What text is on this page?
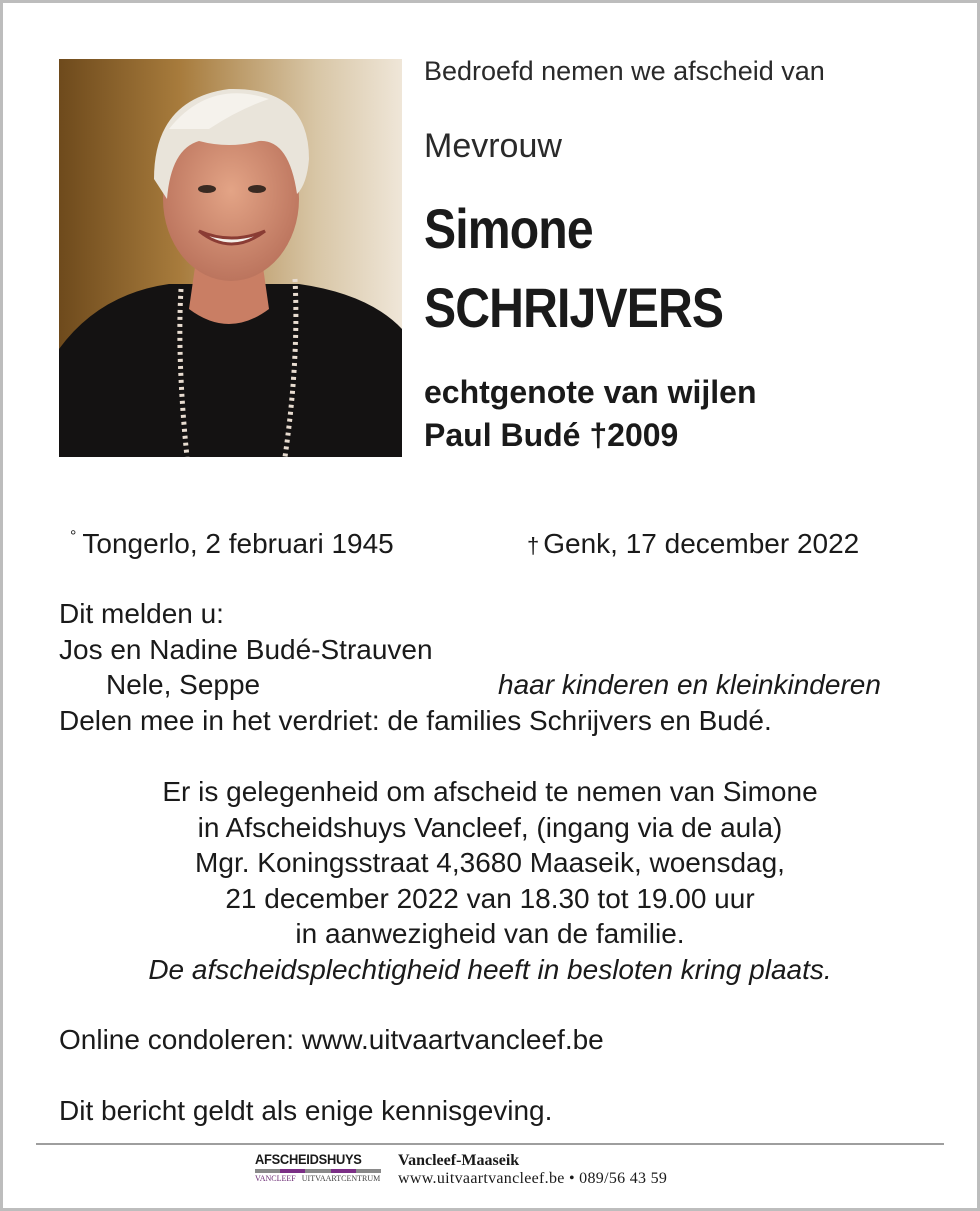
Bedroefd nemen we afscheid van
Mevrouw
Simone
SCHRIJVERS
echtgenote van wijlen
Paul Budé †2009
° Tongerlo, 2 februari 1945	† Genk, 17 december 2022
Dit melden u:
Jos en Nadine Budé-Strauven
Nele, Seppe	haar kinderen en kleinkinderen
Delen mee in het verdriet: de families Schrijvers en Budé.
Er is gelegenheid om afscheid te nemen van Simone
in Afscheidshuys Vancleef, (ingang via de aula)
Mgr. Koningsstraat 4,3680 Maaseik, woensdag,
21 december 2022 van 18.30 tot 19.00 uur
in aanwezigheid van de familie.
De afscheidsplechtigheid heeft in besloten kring plaats.
Online condoleren: www.uitvaartvancleef.be
Dit bericht geldt als enige kennisgeving.
AFSCHEIDSHUYS
VANCLEEF UITVAARTCENTRUM
Vancleef-Maaseik
www.uitvaartvancleef.be • 089/56 43 59
